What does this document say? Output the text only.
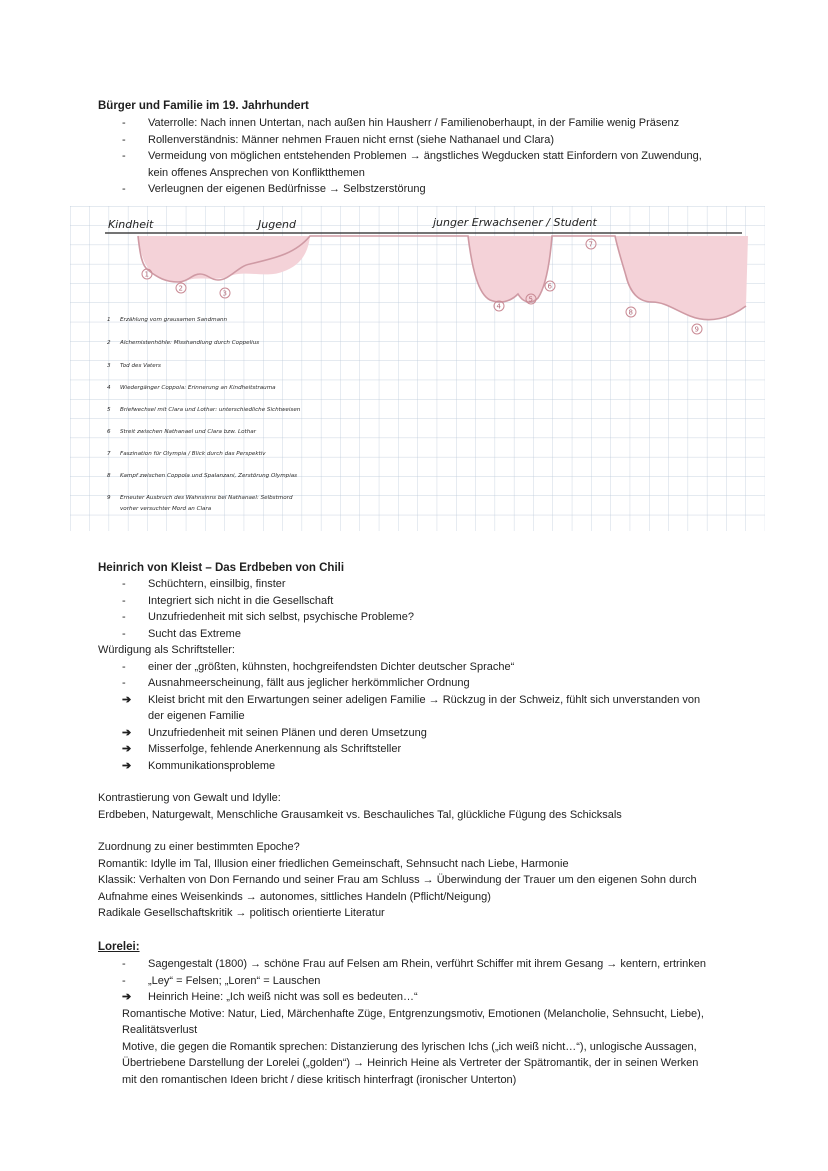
Bürger und Familie im 19. Jahrhundert
-	Vaterrolle: Nach innen Untertan, nach außen hin Hausherr / Familienoberhaupt, in der Familie wenig Präsenz
-	Rollenverständnis: Männer nehmen Frauen nicht ernst (siehe Nathanael und Clara)
-	Vermeidung von möglichen entstehenden Problemen → ängstliches Wegducken statt Einfordern von Zuwendung,
kein offenes Ansprechen von Konfliktthemen
-	Verleugnen der eigenen Bedürfnisse → Selbstzerstörung
Kindheit	Jugend	junger Erwachsener / Student
1
2
3
4
5
6
7
8
9
1 Erzählung vom grausamen Sandmann
2 Alchemistenhöhle: Misshandlung durch Coppelius
3 Tod des Vaters
4 Wiedergänger Coppola: Erinnerung an Kindheitstrauma
5 Briefwechsel mit Clara und Lothar: unterschiedliche Sichtweisen
6 Streit zwischen Nathanael und Clara bzw. Lothar
7 Faszination für Olympia / Blick durch das Perspektiv
8 Kampf zwischen Coppola und Spalanzani, Zerstörung Olympias
9 Erneuter Ausbruch des Wahnsinns bei Nathanael: Selbstmord
vorher versuchter Mord an Clara
Heinrich von Kleist – Das Erdbeben von Chili
-	Schüchtern, einsilbig, finster
-	Integriert sich nicht in die Gesellschaft
-	Unzufriedenheit mit sich selbst, psychische Probleme?
-	Sucht das Extreme
Würdigung als Schriftsteller:
-	einer der „größten, kühnsten, hochgreifendsten Dichter deutscher Sprache“
-	Ausnahmeerscheinung, fällt aus jeglicher herkömmlicher Ordnung
➔	Kleist bricht mit den Erwartungen seiner adeligen Familie → Rückzug in der Schweiz, fühlt sich unverstanden von
der eigenen Familie
➔	Unzufriedenheit mit seinen Plänen und deren Umsetzung
➔	Misserfolge, fehlende Anerkennung als Schriftsteller
➔	Kommunikationsprobleme
Kontrastierung von Gewalt und Idylle:
Erdbeben, Naturgewalt, Menschliche Grausamkeit vs. Beschauliches Tal, glückliche Fügung des Schicksals
Zuordnung zu einer bestimmten Epoche?
Romantik: Idylle im Tal, Illusion einer friedlichen Gemeinschaft, Sehnsucht nach Liebe, Harmonie
Klassik: Verhalten von Don Fernando und seiner Frau am Schluss → Überwindung der Trauer um den eigenen Sohn durch
Aufnahme eines Weisenkinds → autonomes, sittliches Handeln (Pflicht/Neigung)
Radikale Gesellschaftskritik → politisch orientierte Literatur
Lorelei:
-	Sagengestalt (1800) → schöne Frau auf Felsen am Rhein, verführt Schiffer mit ihrem Gesang → kentern, ertrinken
-	„Ley“ = Felsen; „Loren“ = Lauschen
➔	Heinrich Heine: „Ich weiß nicht was soll es bedeuten…“
Romantische Motive: Natur, Lied, Märchenhafte Züge, Entgrenzungsmotiv, Emotionen (Melancholie, Sehnsucht, Liebe),
Realitätsverlust
Motive, die gegen die Romantik sprechen: Distanzierung des lyrischen Ichs („ich weiß nicht…“), unlogische Aussagen,
Übertriebene Darstellung der Lorelei („golden“) → Heinrich Heine als Vertreter der Spätromantik, der in seinen Werken
mit den romantischen Ideen bricht / diese kritisch hinterfragt (ironischer Unterton)
